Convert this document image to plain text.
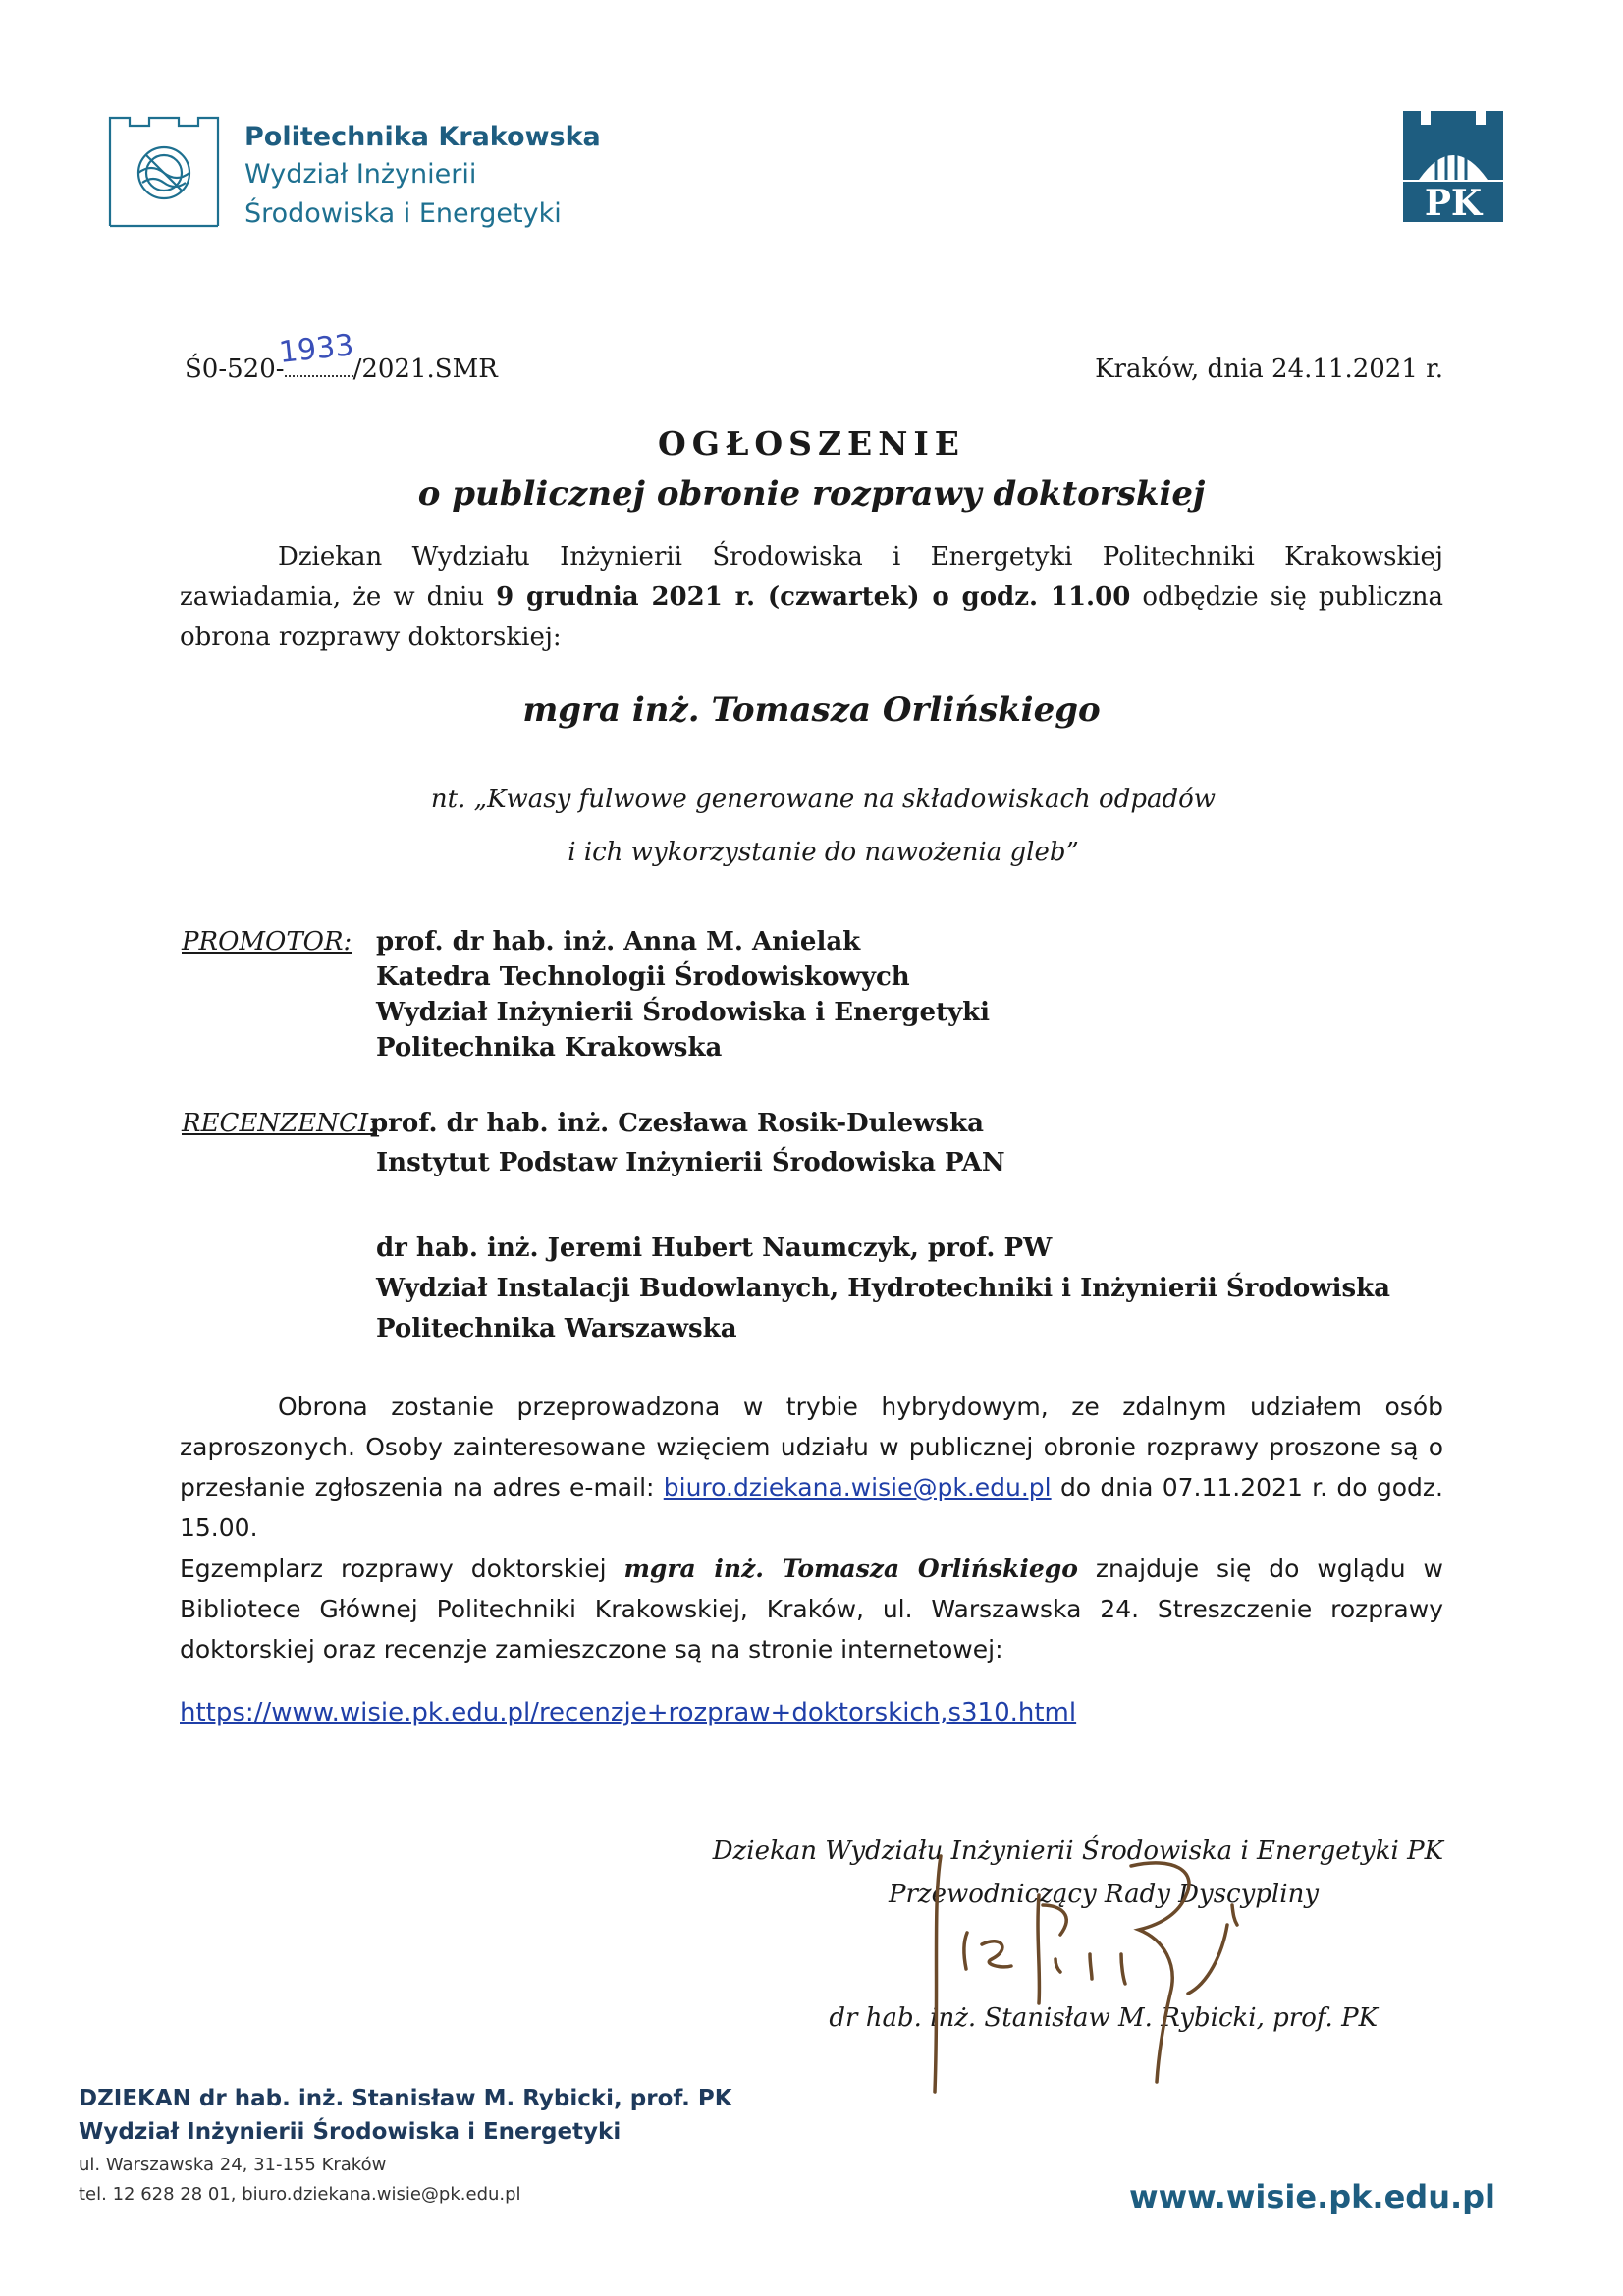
Politechnika Krakowska
Wydział Inżynierii
Środowiska i Energetyki	PK
Ś0-520-	/2021.SMR
1933	Kraków, dnia 24.11.2021 r.
OGŁOSZENIE
o publicznej obronie rozprawy doktorskiej
Dziekan Wydziału Inżynierii Środowiska i Energetyki Politechniki Krakowskiej zawiadamia, że w dniu 9 grudnia 2021 r. (czwartek) o godz. 11.00 odbędzie się publiczna obrona rozprawy doktorskiej:
mgra inż. Tomasza Orlińskiego
nt. „Kwasy fulwowe generowane na składowiskach odpadów
i ich wykorzystanie do nawożenia gleb”
PROMOTOR: prof. dr hab. inż. Anna M. Anielak
Katedra Technologii Środowiskowych
Wydział Inżynierii Środowiska i Energetyki
Politechnika Krakowska
RECENZENCI:
prof. dr hab. inż. Czesława Rosik-Dulewska
Instytut Podstaw Inżynierii Środowiska PAN
dr hab. inż. Jeremi Hubert Naumczyk, prof. PW
Wydział Instalacji Budowlanych, Hydrotechniki i Inżynierii Środowiska
Politechnika Warszawska
Obrona zostanie przeprowadzona w trybie hybrydowym, ze zdalnym udziałem osób zaproszonych. Osoby zainteresowane wzięciem udziału w publicznej obronie rozprawy proszone są o przesłanie zgłoszenia na adres e-mail: biuro.dziekana.wisie@pk.edu.pl do dnia 07.11.2021 r. do godz. 15.00.
Egzemplarz rozprawy doktorskiej mgra inż. Tomasza Orlińskiego znajduje się do wglądu w Bibliotece Głównej Politechniki Krakowskiej, Kraków, ul. Warszawska 24. Streszczenie rozprawy doktorskiej oraz recenzje zamieszczone są na stronie internetowej:
https://www.wisie.pk.edu.pl/recenzje+rozpraw+doktorskich,s310.html
Dziekan Wydziału Inżynierii Środowiska i Energetyki PK
Przewodniczący Rady Dyscypliny
dr hab. inż. Stanisław M. Rybicki, prof. PK
DZIEKAN dr hab. inż. Stanisław M. Rybicki, prof. PK
Wydział Inżynierii Środowiska i Energetyki
ul. Warszawska 24, 31-155 Kraków
tel. 12 628 28 01, biuro.dziekana.wisie@pk.edu.pl	www.wisie.pk.edu.pl
